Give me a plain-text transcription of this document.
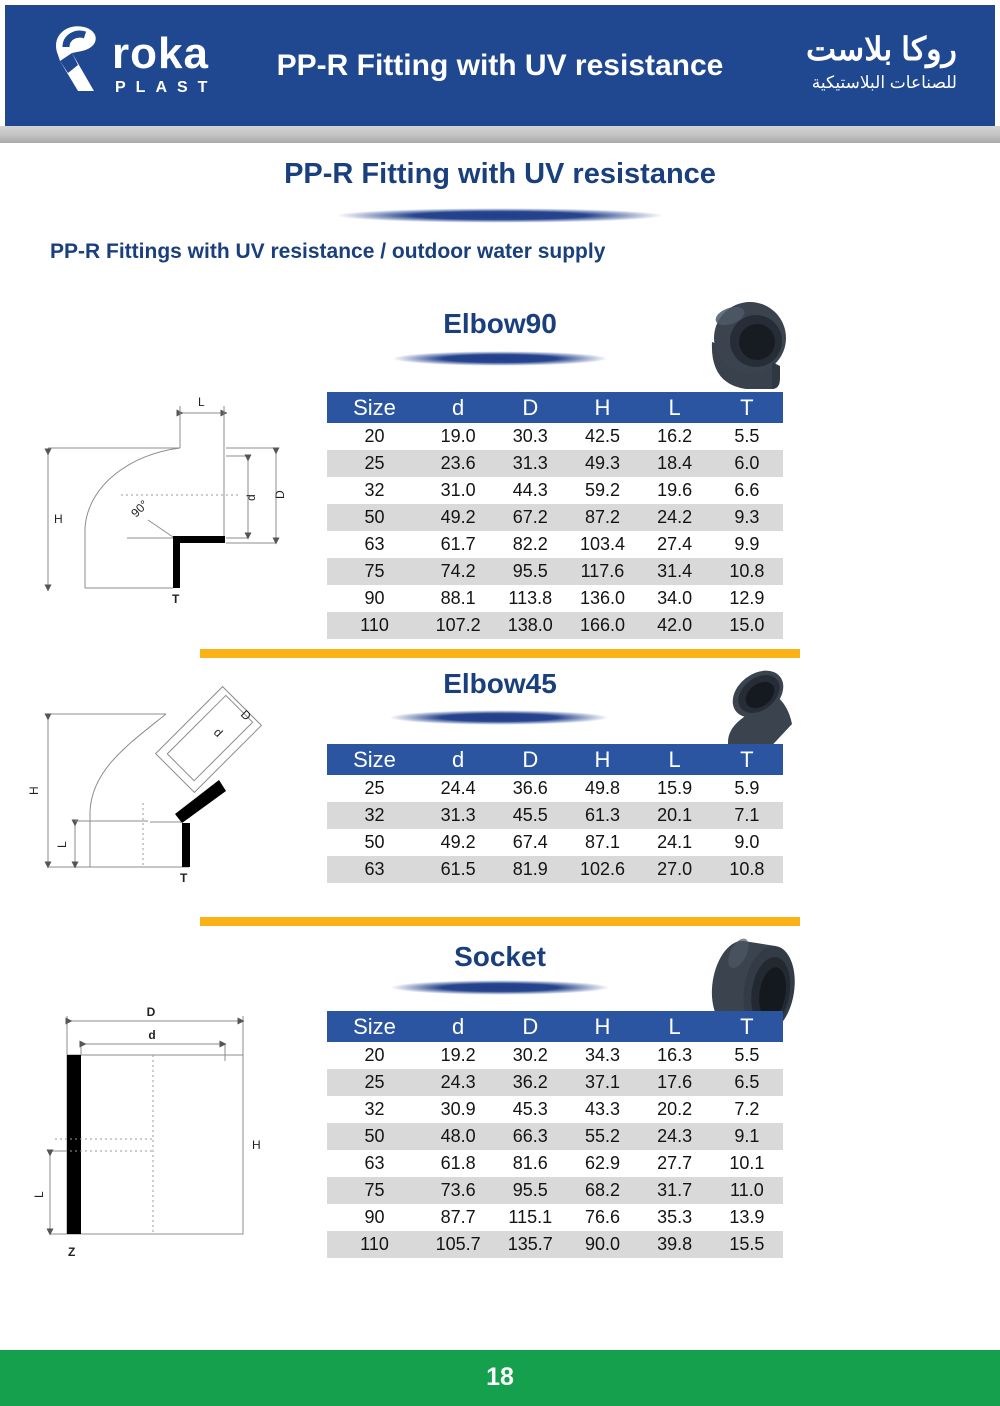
roka
PLAST
PP-R Fitting with UV resistance	روكا بلاست
للصناعات البلاستيكية
PP-R Fitting with UV resistance
PP-R Fittings with UV resistance / outdoor water supply
Elbow90
L
H
T
90°	d D
Size	d	D	H	L	T
20	19.0	30.3	42.5	16.2	5.5
25	23.6	31.3	49.3	18.4	6.0
32	31.0	44.3	59.2	19.6	6.6
50	49.2	67.2	87.2	24.2	9.3
63	61.7	82.2	103.4	27.4	9.9
75	74.2	95.5	117.6	31.4	10.8
90	88.1	113.8	136.0	34.0	12.9
110	107.2	138.0	166.0	42.0	15.0
Elbow45
H
L
d
D
T
Size	d	D	H	L	T
25	24.4	36.6	49.8	15.9	5.9
32	31.3	45.5	61.3	20.1	7.1
50	49.2	67.4	87.1	24.1	9.0
63	61.5	81.9	102.6	27.0	10.8
Socket
D
d
H
L
Z
Size	d	D	H	L	T
20	19.2	30.2	34.3	16.3	5.5
25	24.3	36.2	37.1	17.6	6.5
32	30.9	45.3	43.3	20.2	7.2
50	48.0	66.3	55.2	24.3	9.1
63	61.8	81.6	62.9	27.7	10.1
75	73.6	95.5	68.2	31.7	11.0
90	87.7	115.1	76.6	35.3	13.9
110	105.7	135.7	90.0	39.8	15.5
18
